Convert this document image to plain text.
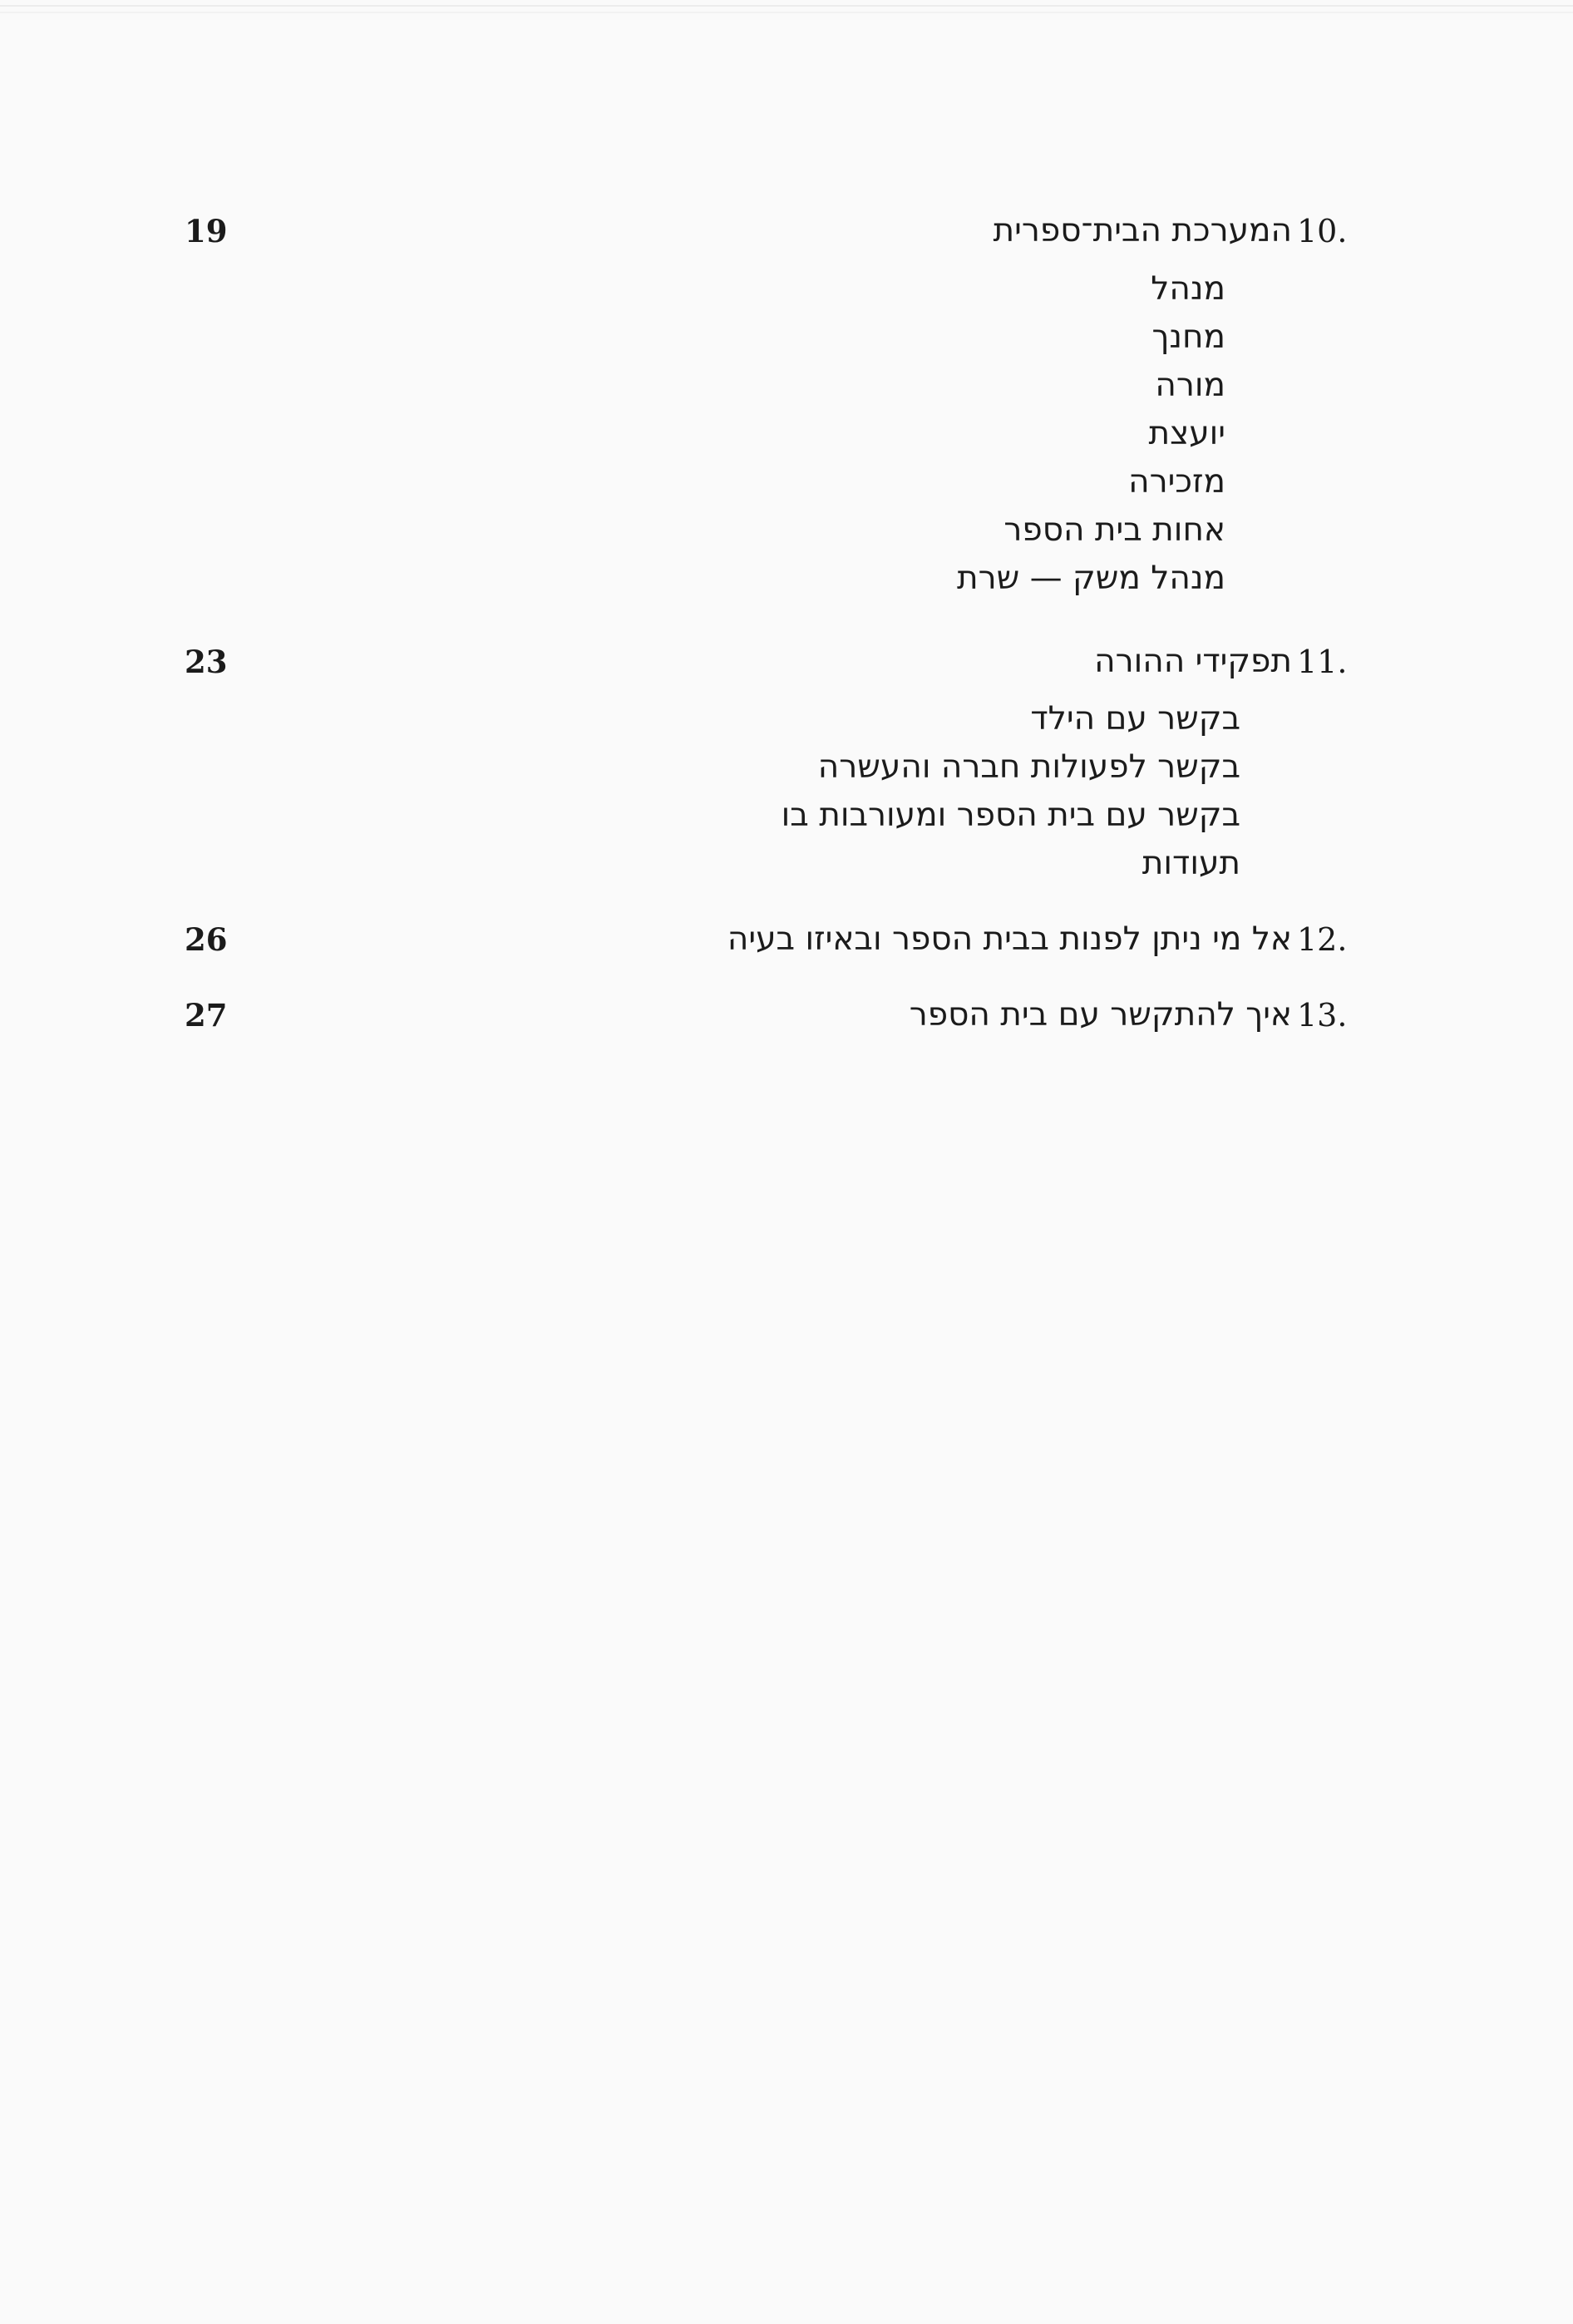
10.
המערכת הבית־ספרית
19
מנהל
מחנך
מורה
יועצת
מזכירה
אחות בית הספר
מנהל משק — שרת
11.
תפקידי ההורה
23
בקשר עם הילד
בקשר לפעולות חברה והעשרה
בקשר עם בית הספר ומעורבות בו
תעודות
12.
אל מי ניתן לפנות בבית הספר ובאיזו בעיה
26
13.
איך להתקשר עם בית הספר
27
